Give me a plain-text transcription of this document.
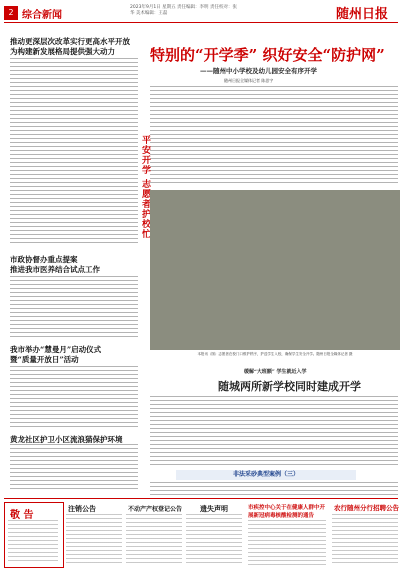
2 综合新闻
2023年9月1日 星期五 责任编辑：李明 责任校对：张华 美术编辑：王磊	随州日报
推动更深层次改革实行更高水平开放
为构建新发展格局提供强大动力
市政协督办重点提案
推进我市医养结合试点工作
我市举办“慧曼月”启动仪式
暨“质量开放日”活动
黄龙社区护卫小区流浪猫保护环境
特别的“开学季” 织好安全“防护网”
——随州中小学校及幼儿园安全有序开学
随州日报全媒体记者 陈思宇
平安开学 志愿者护校忙
本报讯（图）志愿者在校门口维护秩序，护送学生入校，确保学生安全开学。随州日报全媒体记者 摄
缓解“大班额” 学生就近入学
随城两所新学校同时建成开学
非法采砂典型案例（三）
敬 告
注销公告	不动产产权登记公告	遗失声明	市疾控中心关于在健康人群中开展新冠病毒核酸检测的通告
农行随州分行招聘公告
